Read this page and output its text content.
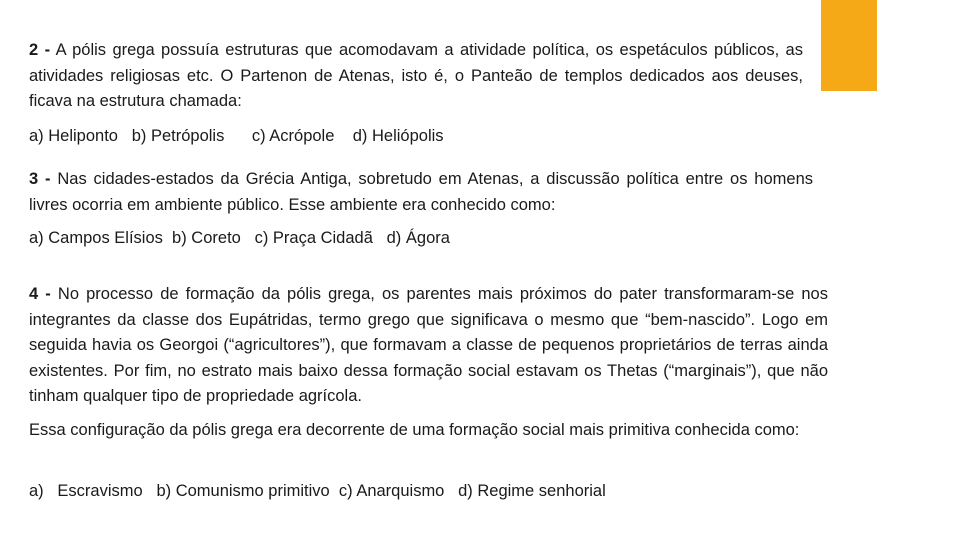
2 - A pólis grega possuía estruturas que acomodavam a atividade política, os espetáculos públicos, as atividades religiosas etc. O Partenon de Atenas, isto é, o Panteão de templos dedicados aos deuses, ficava na estrutura chamada:
a) Heliponto   b) Petrópolis      c) Acrópole    d) Heliópolis
3 - Nas cidades-estados da Grécia Antiga, sobretudo em Atenas, a discussão política entre os homens livres ocorria em ambiente público. Esse ambiente era conhecido como:
a) Campos Elísios  b) Coreto   c) Praça Cidadã   d) Ágora
4 - No processo de formação da pólis grega, os parentes mais próximos do pater transformaram-se nos integrantes da classe dos Eupátridas, termo grego que significava o mesmo que “bem-nascido”. Logo em seguida havia os Georgoi (“agricultores”), que formavam a classe de pequenos proprietários de terras ainda existentes. Por fim, no estrato mais baixo dessa formação social estavam os Thetas (“marginais”), que não tinham qualquer tipo de propriedade agrícola.
Essa configuração da pólis grega era decorrente de uma formação social mais primitiva conhecida como:
a)   Escravismo   b) Comunismo primitivo  c) Anarquismo   d) Regime senhorial
